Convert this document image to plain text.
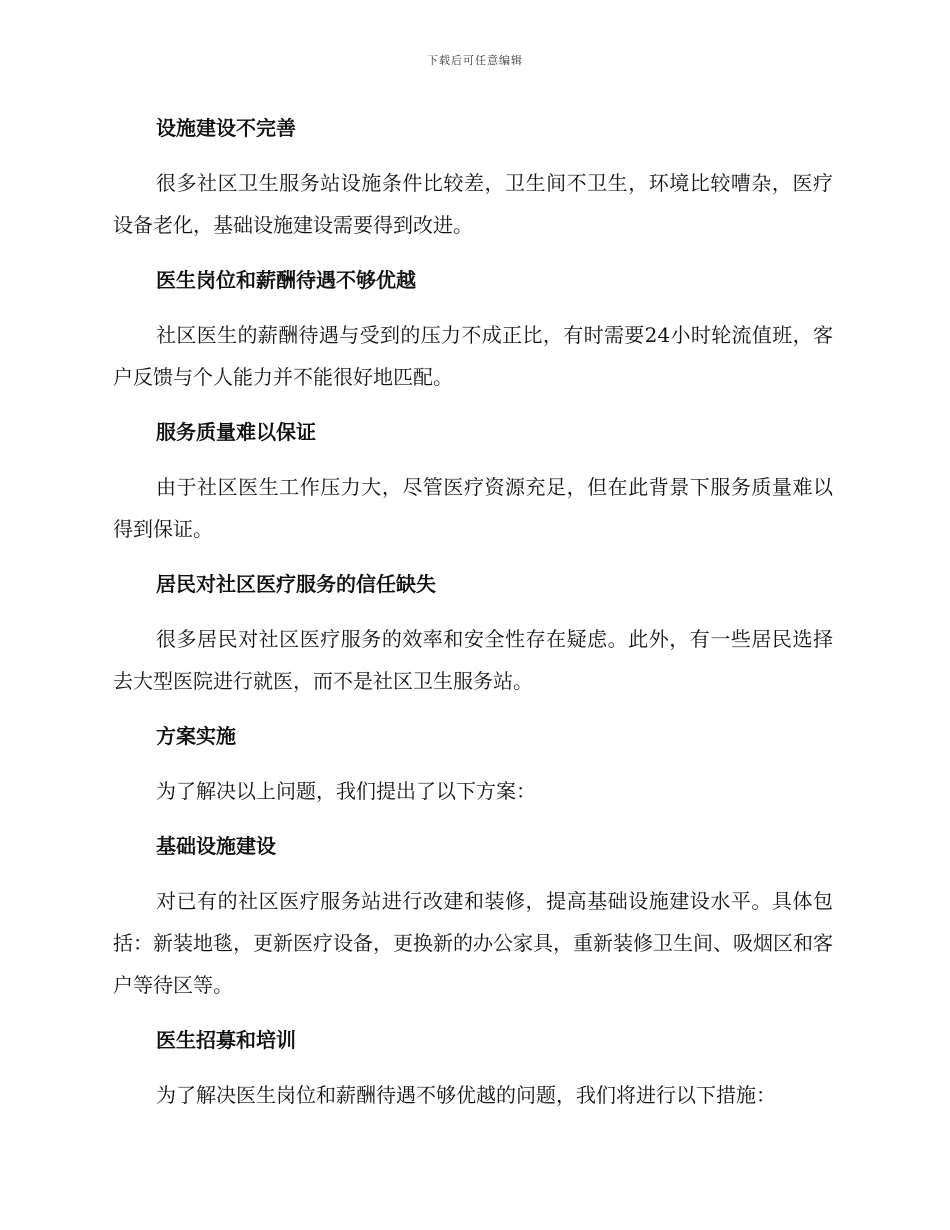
下载后可任意编辑
设施建设不完善

很多社区卫生服务站设施条件比较差，卫生间不卫生，环境比较嘈杂，医疗设备老化，基础设施建设需要得到改进。

医生岗位和薪酬待遇不够优越

社区医生的薪酬待遇与受到的压力不成正比，有时需要24小时轮流值班，客户反馈与个人能力并不能很好地匹配。

服务质量难以保证

由于社区医生工作压力大，尽管医疗资源充足，但在此背景下服务质量难以得到保证。

居民对社区医疗服务的信任缺失

很多居民对社区医疗服务的效率和安全性存在疑虑。此外，有一些居民选择去大型医院进行就医，而不是社区卫生服务站。

方案实施

为了解决以上问题，我们提出了以下方案：

基础设施建设

对已有的社区医疗服务站进行改建和装修，提高基础设施建设水平。具体包括：新装地毯，更新医疗设备，更换新的办公家具，重新装修卫生间、吸烟区和客户等待区等。

医生招募和培训

为了解决医生岗位和薪酬待遇不够优越的问题，我们将进行以下措施：
